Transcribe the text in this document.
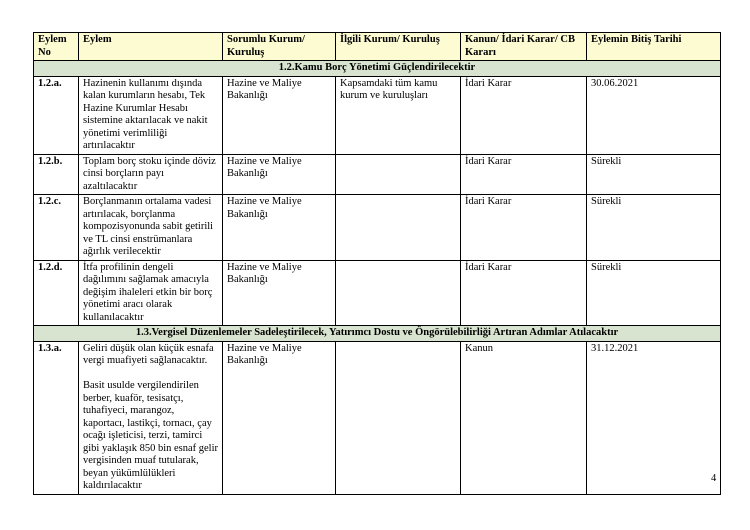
Eylem No	Eylem	Sorumlu Kurum/ Kuruluş	İlgili Kurum/ Kuruluş	Kanun/ İdari Karar/ CB Kararı	Eylemin Bitiş Tarihi
1.2.Kamu Borç Yönetimi Güçlendirilecektir					
1.2.a.	Hazinenin kullanımı dışında kalan kurumların hesabı, Tek Hazine Kurumlar Hesabı sistemine aktarılacak ve nakit yönetimi verimliliği artırılacaktır	Hazine ve Maliye Bakanlığı	Kapsamdaki tüm kamu kurum ve kuruluşları	İdari Karar	30.06.2021
1.2.b.	Toplam borç stoku içinde döviz cinsi borçların payı azaltılacaktır	Hazine ve Maliye Bakanlığı		İdari Karar	Sürekli
1.2.c.	Borçlanmanın ortalama vadesi artırılacak, borçlanma kompozisyonunda sabit getirili ve TL cinsi enstrümanlara ağırlık verilecektir	Hazine ve Maliye Bakanlığı		İdari Karar	Sürekli
1.2.d.	İtfa profilinin dengeli dağılımını sağlamak amacıyla değişim ihaleleri etkin bir borç yönetimi aracı olarak kullanılacaktır	Hazine ve Maliye Bakanlığı		İdari Karar	Sürekli
1.3.Vergisel Düzenlemeler Sadeleştirilecek, Yatırımcı Dostu ve Öngörülebilirliği Artıran Adımlar Atılacaktır					
1.3.a.	Geliri düşük olan küçük esnafa vergi muafiyeti sağlanacaktır.
Basit usulde vergilendirilen berber, kuaför, tesisatçı, tuhafiyeci, marangoz, kaportacı, lastikçi, tornacı, çay ocağı işleticisi, terzi, tamirci gibi yaklaşık 850 bin esnaf gelir vergisinden muaf tutularak, beyan yükümlülükleri kaldırılacaktır	Hazine ve Maliye Bakanlığı		Kanun	31.12.2021
4
